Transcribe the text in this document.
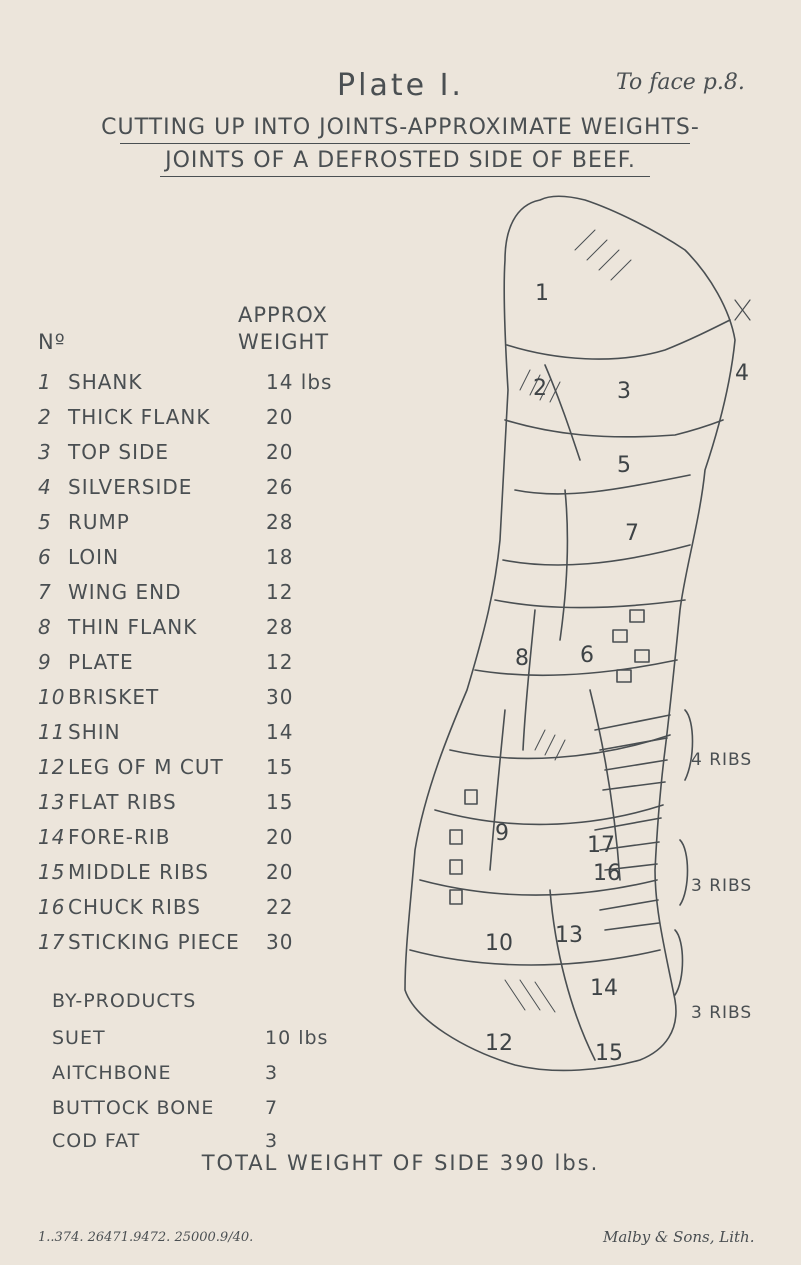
Plate I.	To face p.8.
CUTTING UP INTO JOINTS-APPROXIMATE WEIGHTS-
JOINTS OF A DEFROSTED SIDE OF BEEF.
APPROX
Nº	WEIGHT
1 SHANK	14 lbs
2 THICK FLANK	20
3 TOP SIDE	20
4 SILVERSIDE	26
5 RUMP	28
6 LOIN	18
7 WING END	12
8 THIN FLANK	28
9 PLATE	12
10 BRISKET	30
11 SHIN	14
12 LEG OF M CUT 15
13 FLAT RIBS	15
14 FORE-RIB	20
15 MIDDLE RIBS	20
16 CHUCK RIBS	22
17 STICKING PIECE 30
BY-PRODUCTS
SUET	10 lbs
AITCHBONE	3
BUTTOCK BONE	7
COD FAT	3
1
2	3
4
5
6
7
8
9
10
12
13
14
15
16
17
4 RIBS
3 RIBS
3 RIBS
TOTAL WEIGHT OF SIDE 390 lbs.
1..374. 26471.9472. 25000.9/40.	Malby & Sons, Lith.
